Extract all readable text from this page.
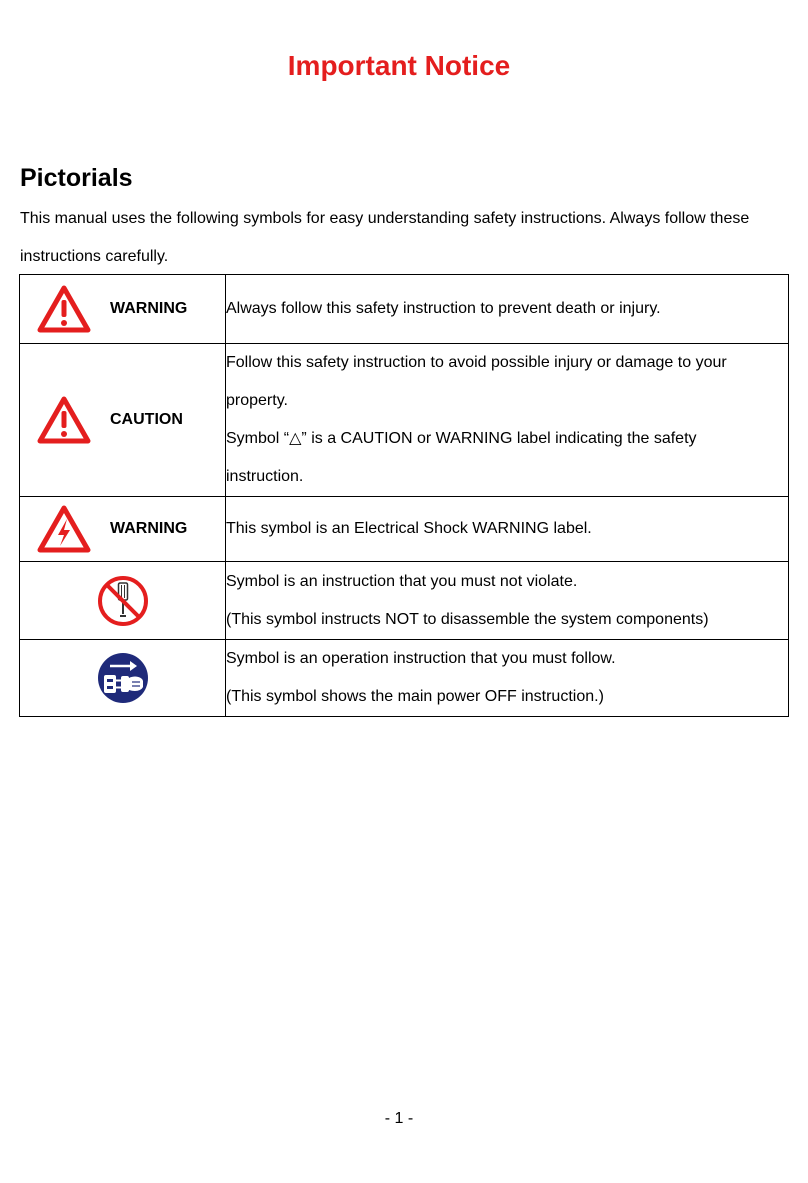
Important Notice
Pictorials
This manual uses the following symbols for easy understanding safety instructions. Always follow these instructions carefully.
WARNING	Always follow this safety instruction to prevent death or injury.

CAUTION	Follow this safety instruction to avoid possible injury or damage to your
property.
Symbol “△” is a CAUTION or WARNING label indicating the safety
instruction.

WARNING	This symbol is an Electrical Shock WARNING label.

Symbol is an instruction that you must not violate.
(This symbol instructs NOT to disassemble the system components)

Symbol is an operation instruction that you must follow.
(This symbol shows the main power OFF instruction.)
- 1 -
